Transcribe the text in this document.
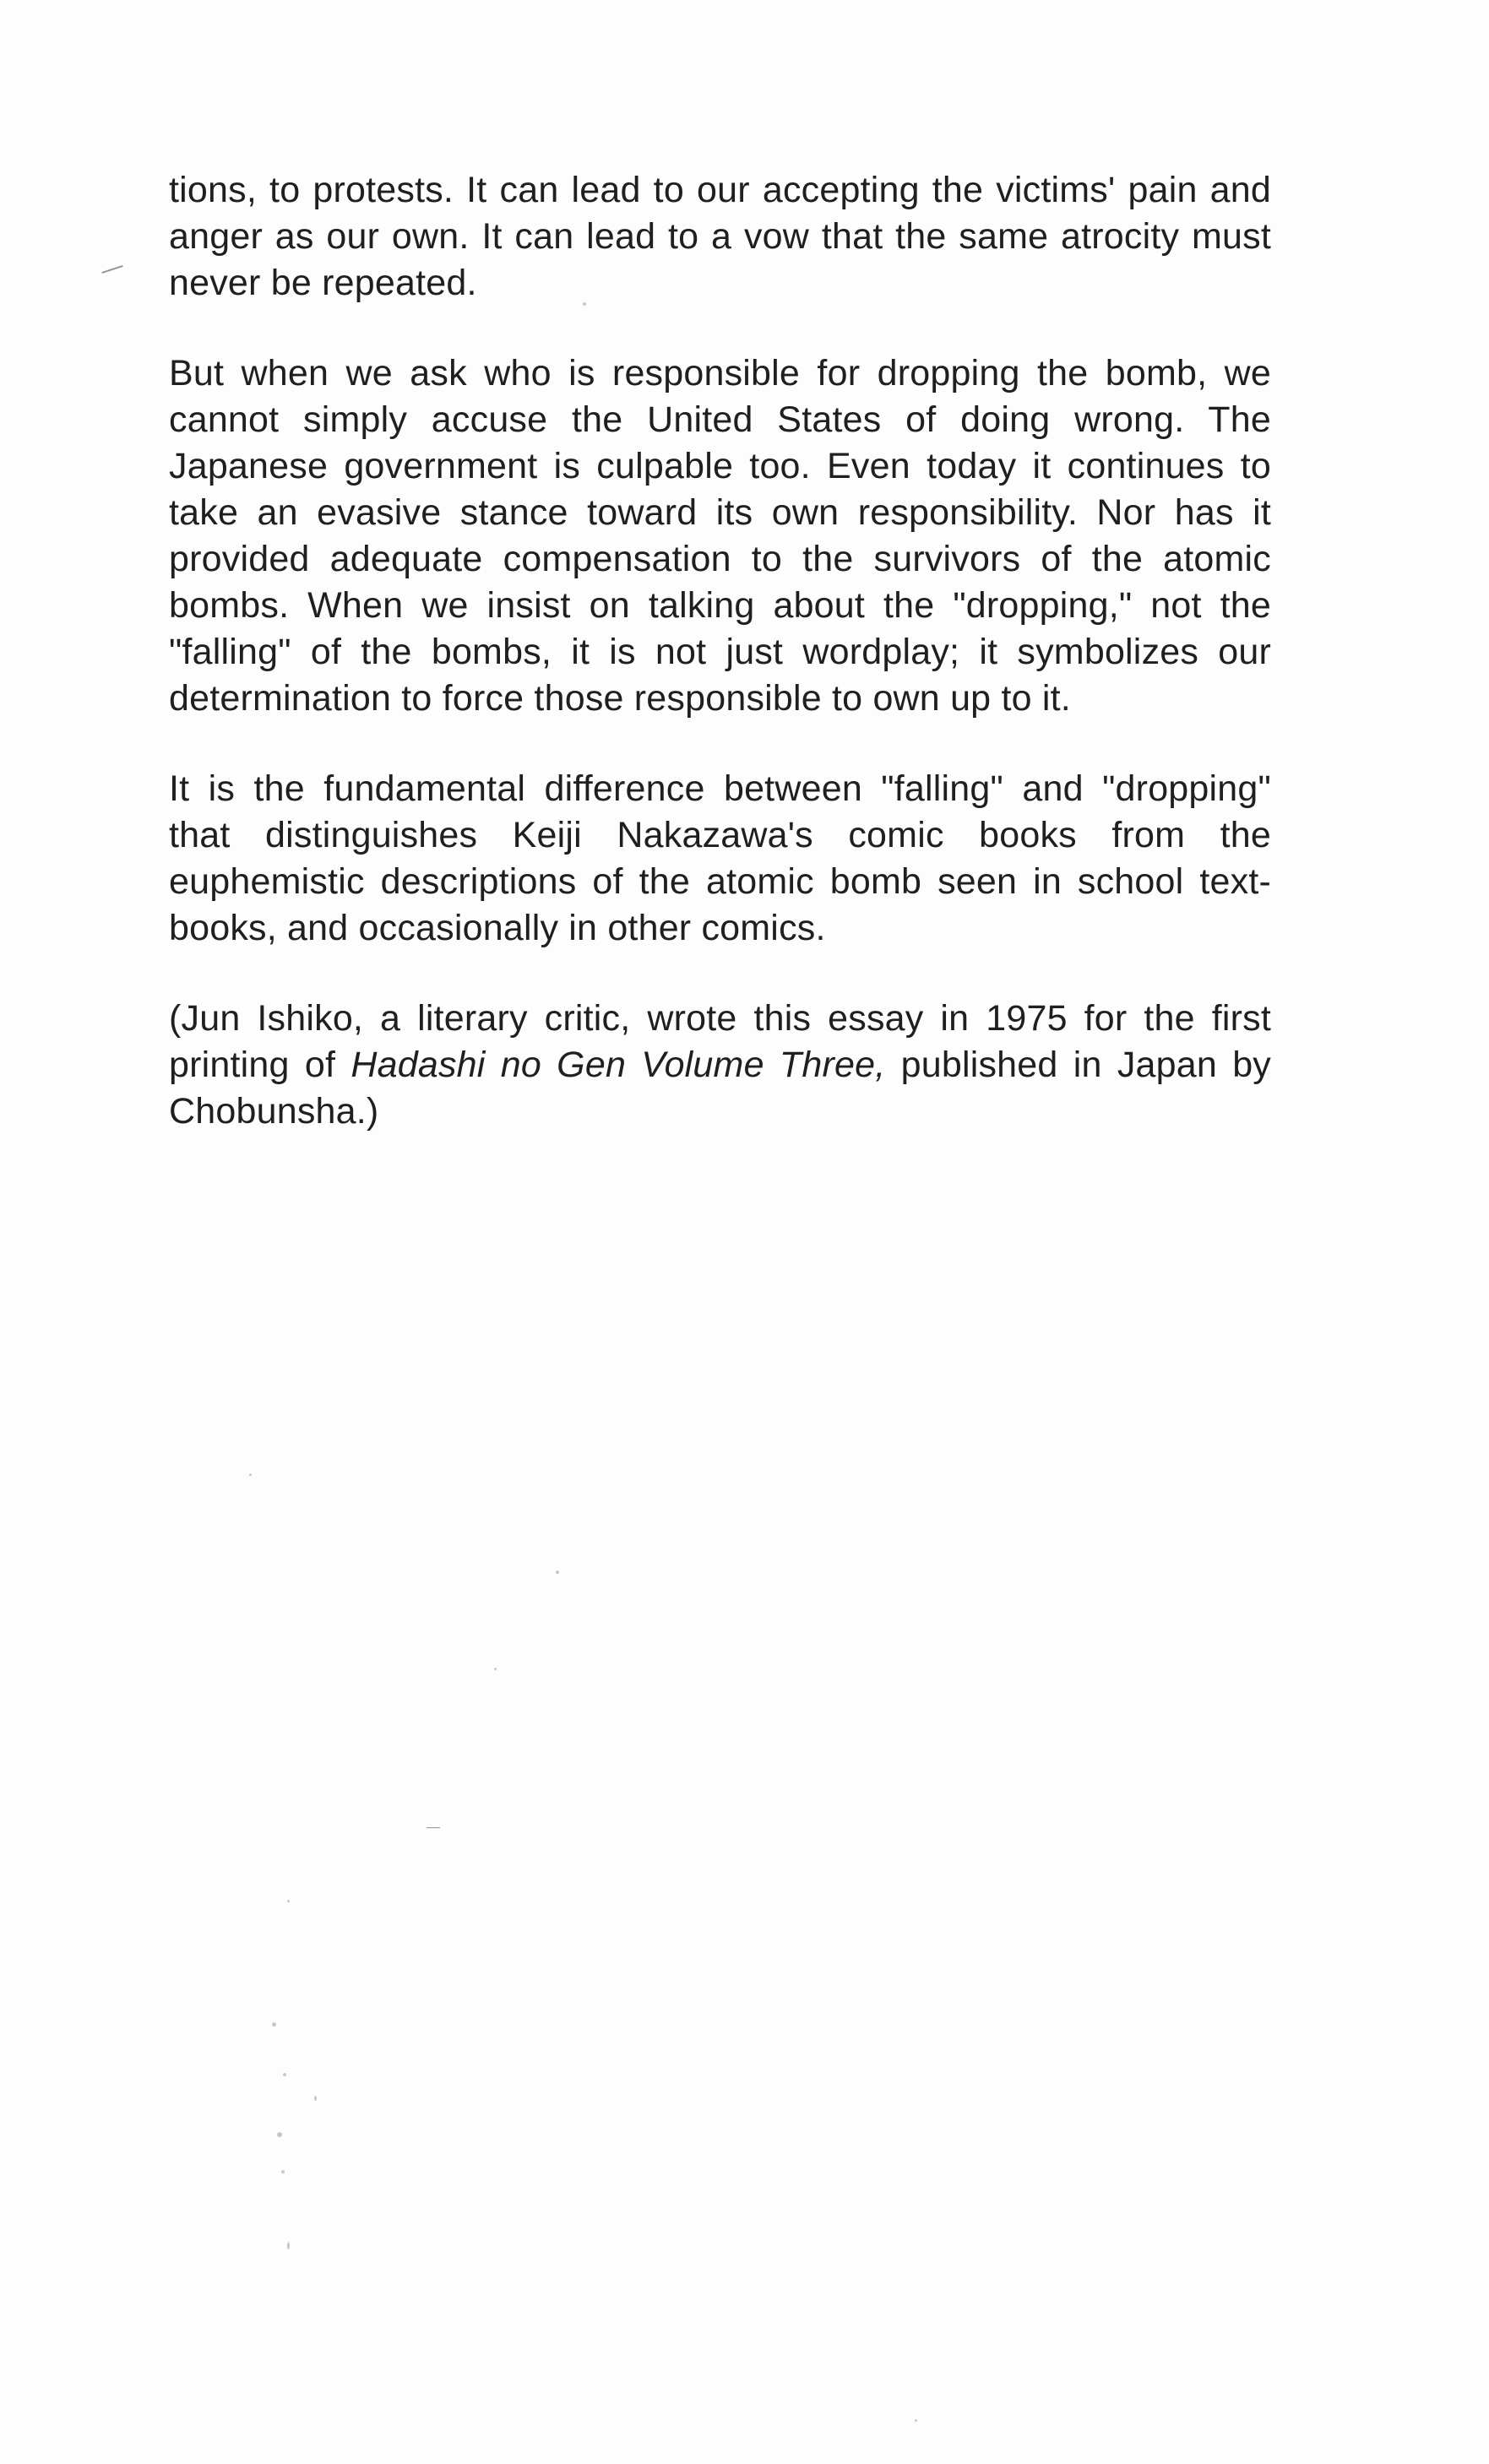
tions, to protests. It can lead to our accepting the victims' pain and anger as our own. It can lead to a vow that the same atrocity must never be repeated.

But when we ask who is responsible for dropping the bomb, we cannot simply accuse the United States of doing wrong. The Japanese government is culpable too. Even today it continues to take an evasive stance toward its own responsibility. Nor has it provided adequate compensation to the survivors of the atomic bombs. When we insist on talking about the "dropping," not the "falling" of the bombs, it is not just wordplay; it symbolizes our determination to force those responsible to own up to it.

It is the fundamental difference between "falling" and "dropping" that distinguishes Keiji Nakazawa's comic books from the euphemistic descriptions of the atomic bomb seen in school text-books, and occasionally in other comics.

(Jun Ishiko, a literary critic, wrote this essay in 1975 for the first printing of Hadashi no Gen Volume Three, published in Japan by Chobunsha.)
